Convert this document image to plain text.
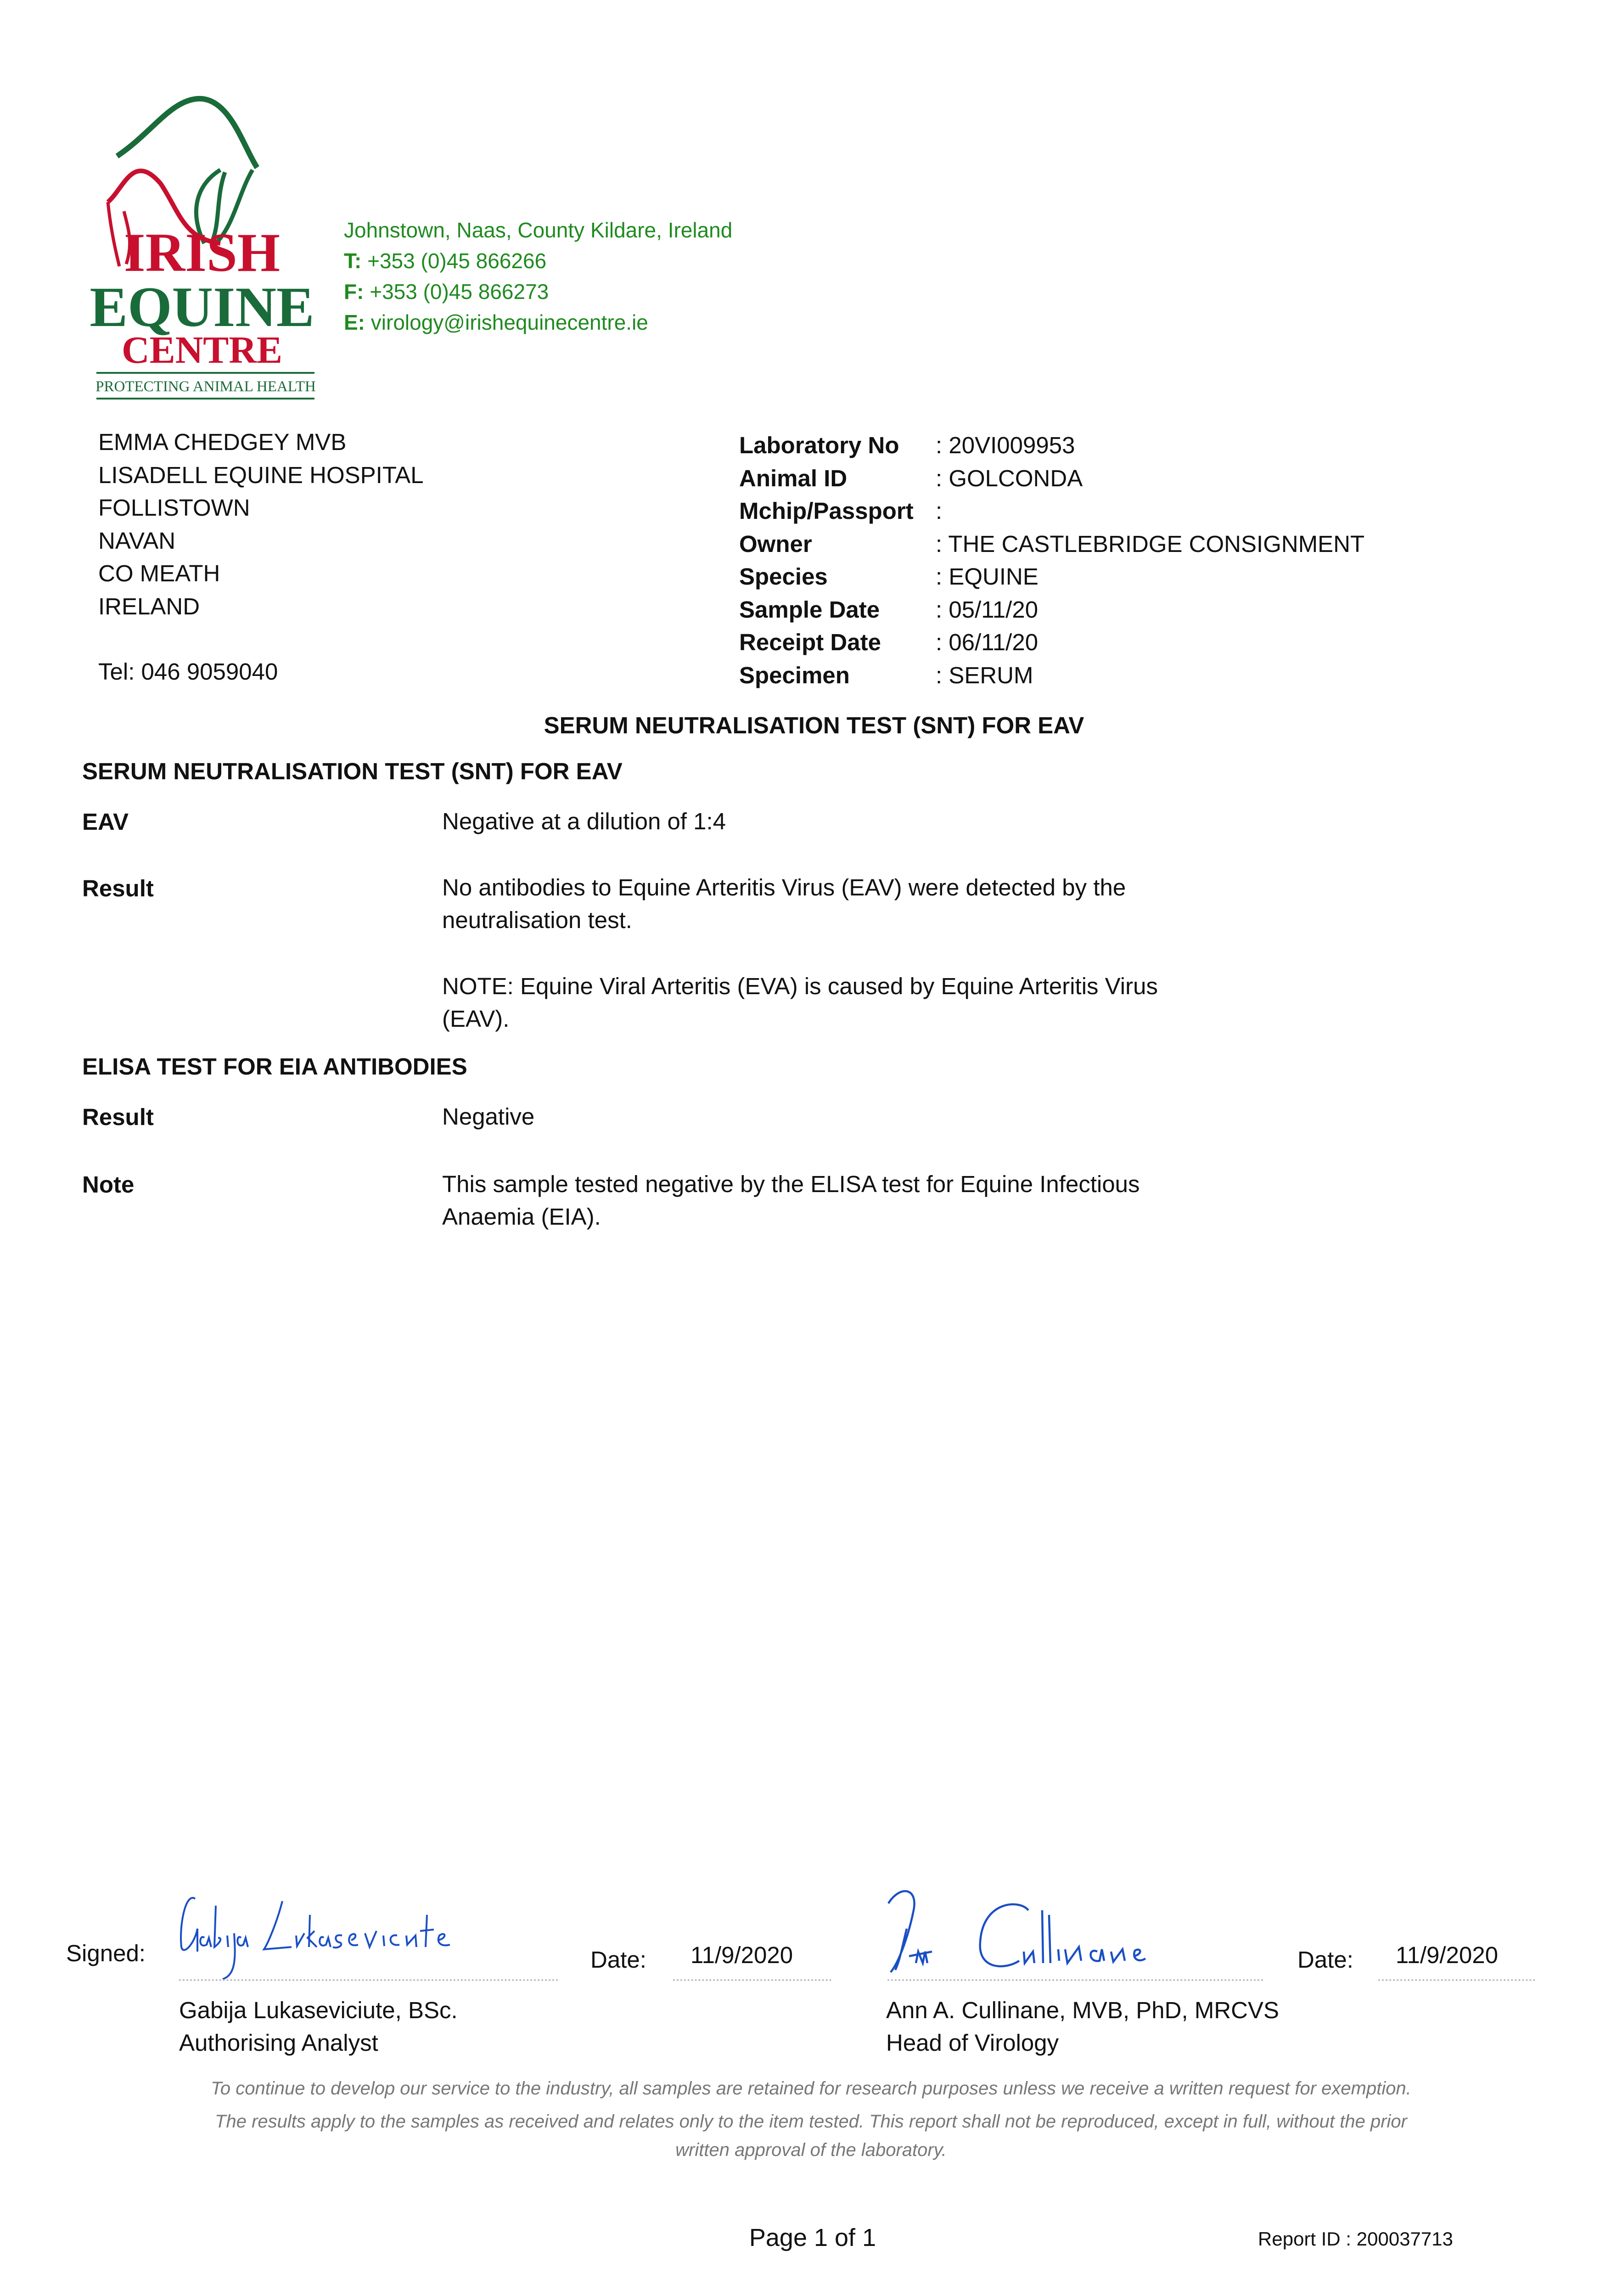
IRISH
EQUINE
CENTRE
PROTECTING ANIMAL HEALTH
Johnstown, Naas, County Kildare, Ireland
T: +353 (0)45 866266
F: +353 (0)45 866273
E: virology@irishequinecentre.ie
EMMA CHEDGEY MVB
LISADELL EQUINE HOSPITAL
FOLLISTOWN
NAVAN
CO MEATH
IRELAND
Tel: 046 9059040
Laboratory No	: 20VI009953
Animal ID	: GOLCONDA
Mchip/Passport :
Owner	: THE CASTLEBRIDGE CONSIGNMENT
Species	: EQUINE
Sample Date	: 05/11/20
Receipt Date	: 06/11/20
Specimen	: SERUM
SERUM NEUTRALISATION TEST (SNT) FOR EAV
SERUM NEUTRALISATION TEST (SNT) FOR EAV
EAV	Negative at a dilution of 1:4
Result	No antibodies to Equine Arteritis Virus (EAV) were detected by the neutralisation test.
NOTE: Equine Viral Arteritis (EVA) is caused by Equine Arteritis Virus (EAV).
ELISA TEST FOR EIA ANTIBODIES
Result	Negative
Note	This sample tested negative by the ELISA test for Equine Infectious Anaemia (EIA).
Signed:	Date: 11/9/2020	Date: 11/9/2020
Gabija Lukaseviciute, BSc.
Authorising Analyst
Ann A. Cullinane, MVB, PhD, MRCVS
Head of Virology
To continue to develop our service to the industry, all samples are retained for research purposes unless we receive a written request for exemption.
The results apply to the samples as received and relates only to the item tested. This report shall not be reproduced, except in full, without the prior
written approval of the laboratory.
Page 1 of 1	Report ID : 200037713
